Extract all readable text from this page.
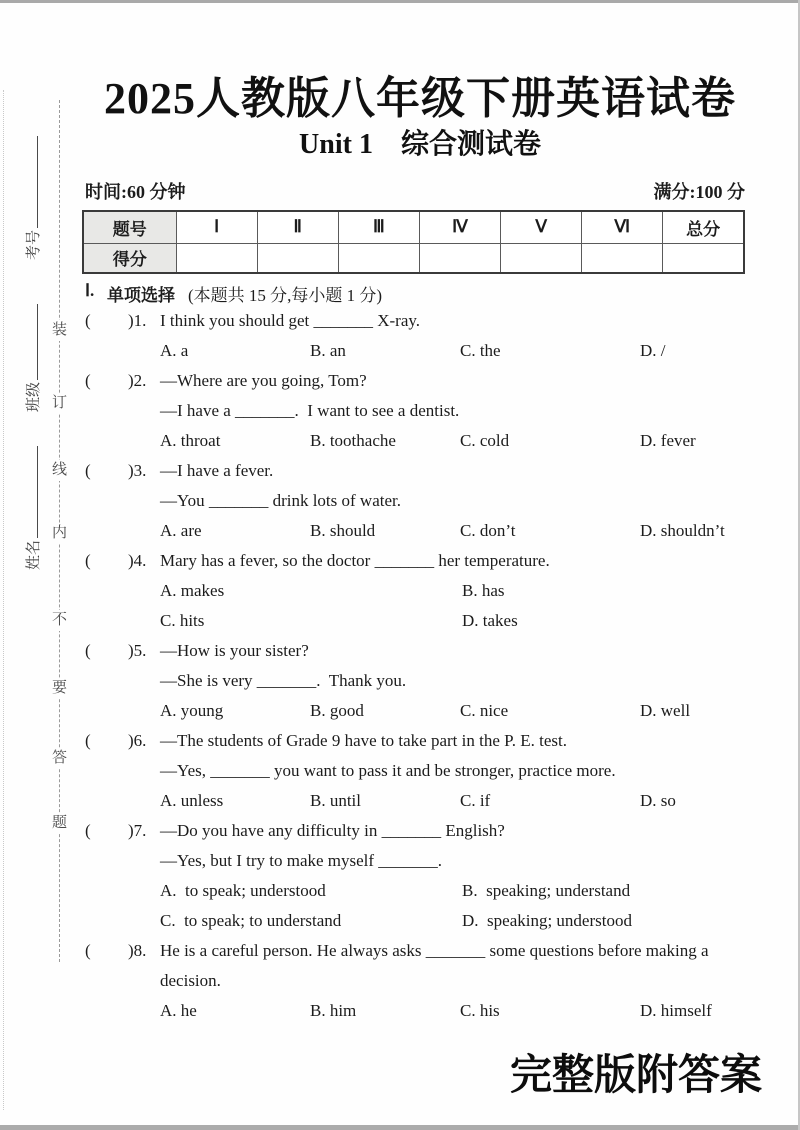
考号
班级
姓名
装
订
线
内
不
要
答
题
2025人教版八年级下册英语试卷
Unit 1　综合测试卷
时间:60 分钟	满分:100 分
题号	Ⅰ	Ⅱ	Ⅲ	Ⅳ	Ⅴ	Ⅵ	总分
得分							
Ⅰ. 单项选择 (本题共 15 分,每小题 1 分)
( )1. I think you should get _______ X-ray.
A. a	B. an	C. the	D. /
( )2. —Where are you going, Tom?
—I have a _______.  I want to see a dentist.
A. throat	B. toothache	C. cold	D. fever
( )3. —I have a fever.
—You _______ drink lots of water.
A. are	B. should	C. don’t	D. shouldn’t
( )4. Mary has a fever, so the doctor _______ her temperature.
A. makes	B. has
C. hits	D. takes
( )5. —How is your sister?
—She is very _______.  Thank you.
A. young	B. good	C. nice	D. well
( )6. —The students of Grade 9 have to take part in the P. E. test.
—Yes, _______ you want to pass it and be stronger, practice more.
A. unless	B. until	C. if	D. so
( )7. —Do you have any difficulty in _______ English?
—Yes, but I try to make myself _______.
A.  to speak; understood	B.  speaking; understand
C.  to speak; to understand	D.  speaking; understood
( )8. He is a careful person. He always asks _______ some questions before making a
decision.
A. he	B. him	C. his	D. himself
完整版附答案
